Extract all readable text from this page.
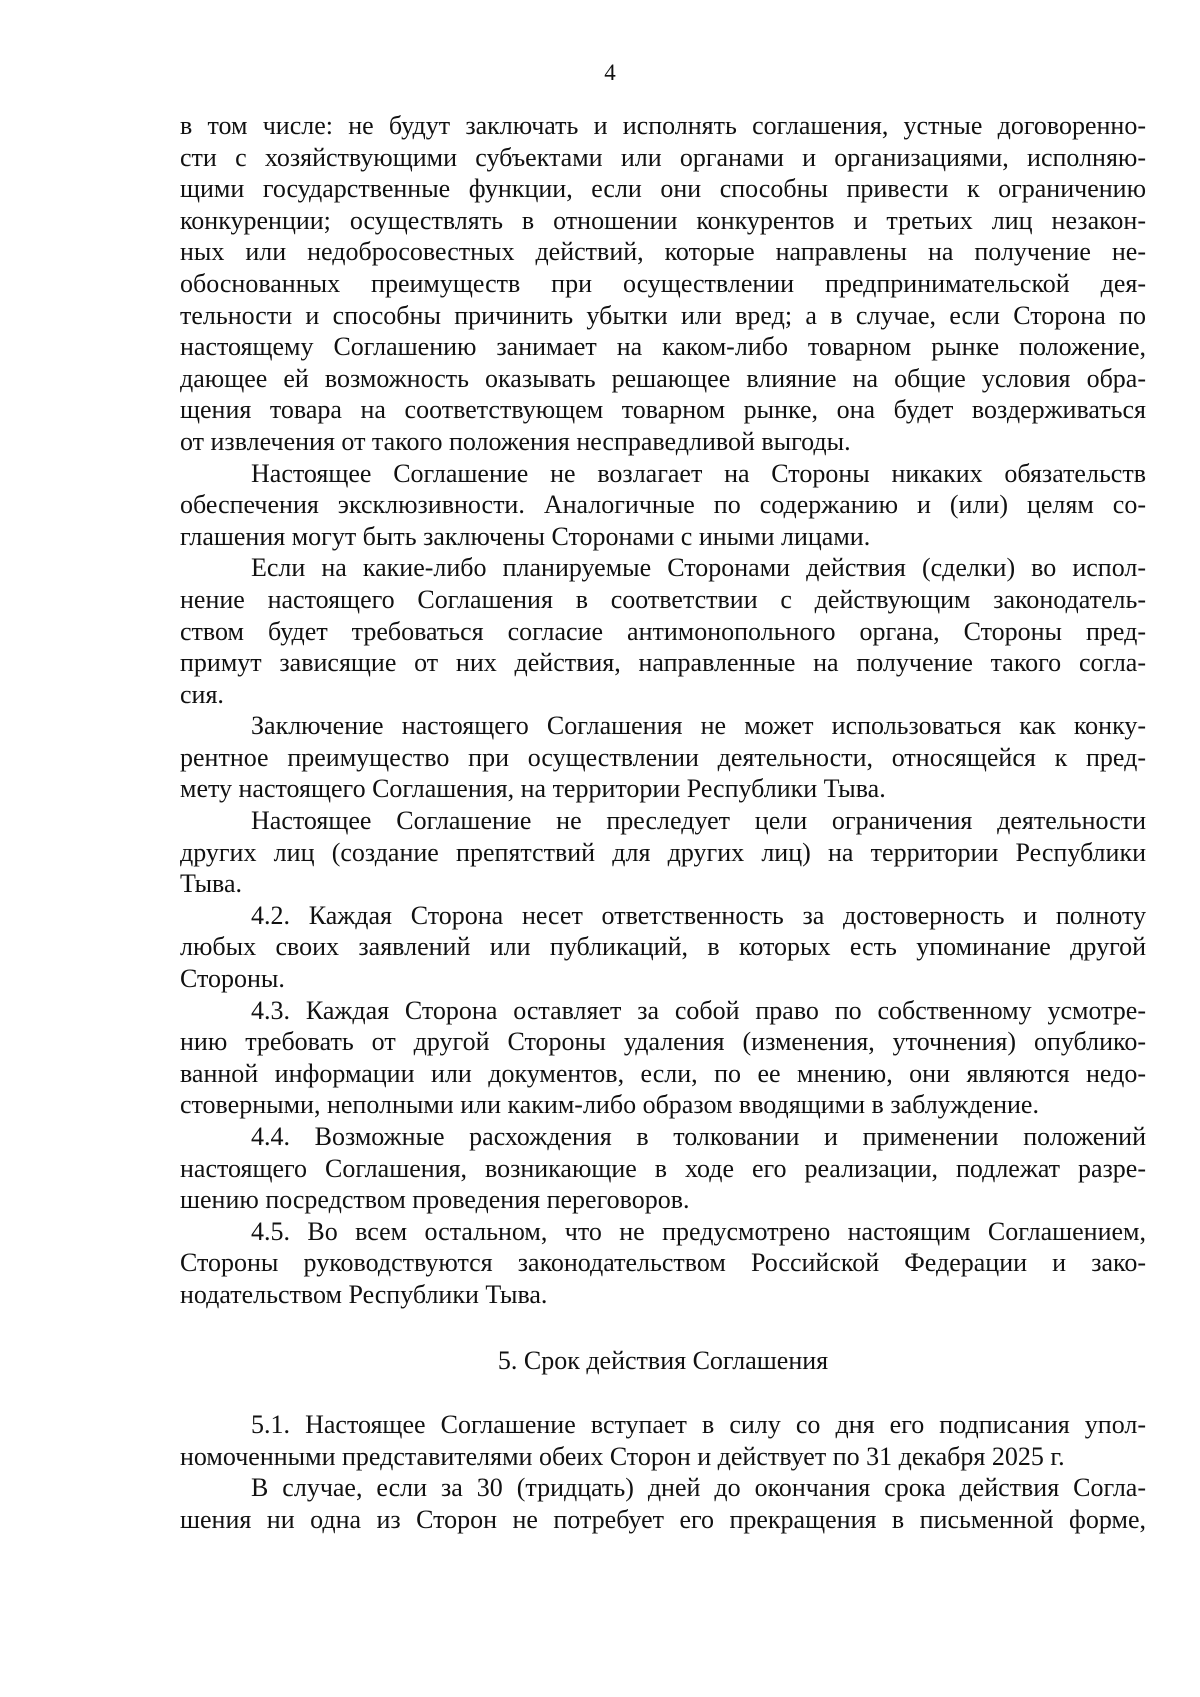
4

в том числе: не будут заключать и исполнять соглашения, устные договоренно-
сти с хозяйствующими субъектами или органами и организациями, исполняю-
щими государственные функции, если они способны привести к ограничению
конкуренции; осуществлять в отношении конкурентов и третьих лиц незакон-
ных или недобросовестных действий, которые направлены на получение не-
обоснованных преимуществ при осуществлении предпринимательской дея-
тельности и способны причинить убытки или вред; а в случае, если Сторона по
настоящему Соглашению занимает на каком-либо товарном рынке положение,
дающее ей возможность оказывать решающее влияние на общие условия обра-
щения товара на соответствующем товарном рынке, она будет воздерживаться
от извлечения от такого положения несправедливой выгоды.

Настоящее Соглашение не возлагает на Стороны никаких обязательств
обеспечения эксклюзивности. Аналогичные по содержанию и (или) целям со-
глашения могут быть заключены Сторонами с иными лицами.

Если на какие-либо планируемые Сторонами действия (сделки) во испол-
нение настоящего Соглашения в соответствии с действующим законодатель-
ством будет требоваться согласие антимонопольного органа, Стороны пред-
примут зависящие от них действия, направленные на получение такого согла-
сия.

Заключение настоящего Соглашения не может использоваться как конку-
рентное преимущество при осуществлении деятельности, относящейся к пред-
мету настоящего Соглашения, на территории Республики Тыва.

Настоящее Соглашение не преследует цели ограничения деятельности
других лиц (создание препятствий для других лиц) на территории Республики
Тыва.

4.2. Каждая Сторона несет ответственность за достоверность и полноту
любых своих заявлений или публикаций, в которых есть упоминание другой
Стороны.

4.3. Каждая Сторона оставляет за собой право по собственному усмотре-
нию требовать от другой Стороны удаления (изменения, уточнения) опублико-
ванной информации или документов, если, по ее мнению, они являются недо-
стоверными, неполными или каким-либо образом вводящими в заблуждение.

4.4. Возможные расхождения в толковании и применении положений
настоящего Соглашения, возникающие в ходе его реализации, подлежат разре-
шению посредством проведения переговоров.

4.5. Во всем остальном, что не предусмотрено настоящим Соглашением,
Стороны руководствуются законодательством Российской Федерации и зако-
нодательством Республики Тыва.

5. Срок действия Соглашения

5.1. Настоящее Соглашение вступает в силу со дня его подписания упол-
номоченными представителями обеих Сторон и действует по 31 декабря 2025 г.

В случае, если за 30 (тридцать) дней до окончания срока действия Согла-
шения ни одна из Сторон не потребует его прекращения в письменной форме,
